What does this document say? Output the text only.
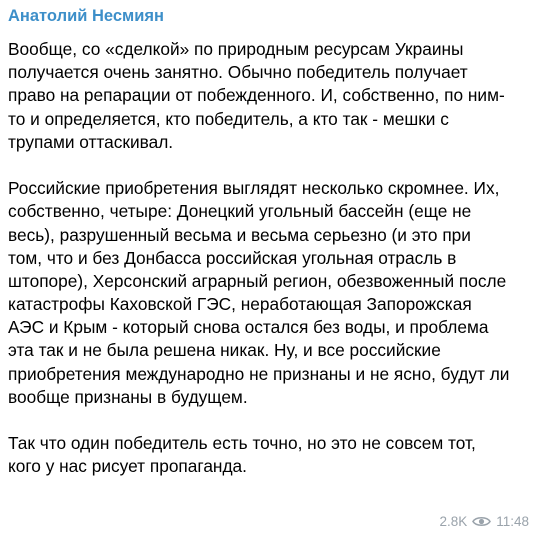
Анатолий Несмиян
Вообще, со «сделкой» по природным ресурсам Украины
получается очень занятно. Обычно победитель получает
право на репарации от побежденного. И, собственно, по ним-
то и определяется, кто победитель, а кто так - мешки с
трупами оттаскивал.
Российские приобретения выглядят несколько скромнее. Их,
собственно, четыре: Донецкий угольный бассейн (еще не
весь), разрушенный весьма и весьма серьезно (и это при
том, что и без Донбасса российская угольная отрасль в
штопоре), Херсонский аграрный регион, обезвоженный после
катастрофы Каховской ГЭС, неработающая Запорожская
АЭС и Крым - который снова остался без воды, и проблема
эта так и не была решена никак. Ну, и все российские
приобретения международно не признаны и не ясно, будут ли
вообще признаны в будущем.
Так что один победитель есть точно, но это не совсем тот,
кого у нас рисует пропаганда.
2.8K 11:48
